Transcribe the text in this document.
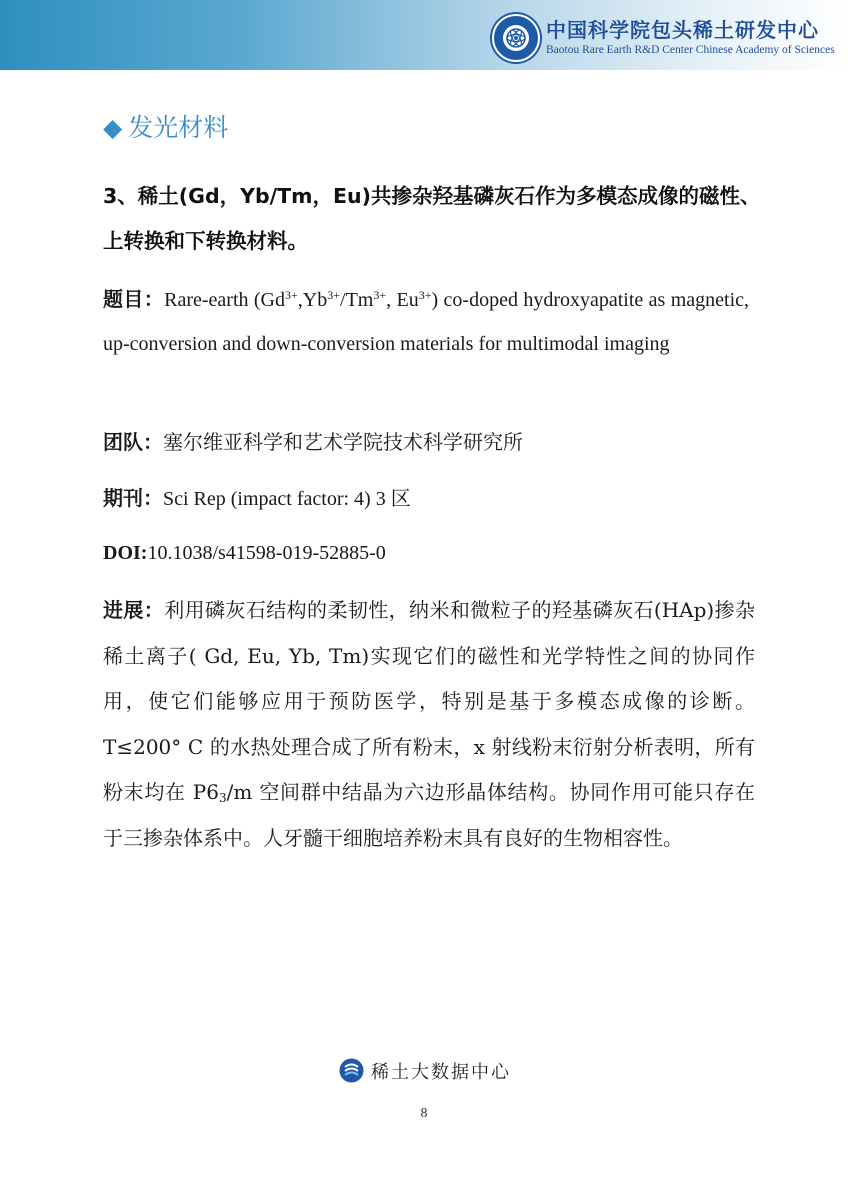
中国科学院包头稀土研发中心
Baotou Rare Earth R&D Center Chinese Academy of Sciences
◆ 发光材料
3、稀土(Gd，Yb/Tm，Eu)共掺杂羟基磷灰石作为多模态成像的磁性、上转换和下转换材料。
题目：Rare-earth ($Gd^{3+},Yb^{3+}/Tm^{3+}$, $Eu^{3+}$) co-doped hydroxyapatite as magnetic, up-conversion and down-conversion materials for multimodal imaging
团队：塞尔维亚科学和艺术学院技术科学研究所
期刊：Sci Rep (impact factor: 4) 3 区
DOI:10.1038/s41598-019-52885-0
进展：利用磷灰石结构的柔韧性，纳米和微粒子的羟基磷灰石(HAp)掺杂稀土离子( Gd, Eu, Yb, Tm)实现它们的磁性和光学特性之间的协同作用，使它们能够应用于预防医学，特别是基于多模态成像的诊断。T≤200° C 的水热处理合成了所有粉末，x 射线粉末衍射分析表明，所有粉末均在 $P6_3/m$ 空间群中结晶为六边形晶体结构。协同作用可能只存在于三掺杂体系中。人牙髓干细胞培养粉末具有良好的生物相容性。
稀土大数据中心
8
